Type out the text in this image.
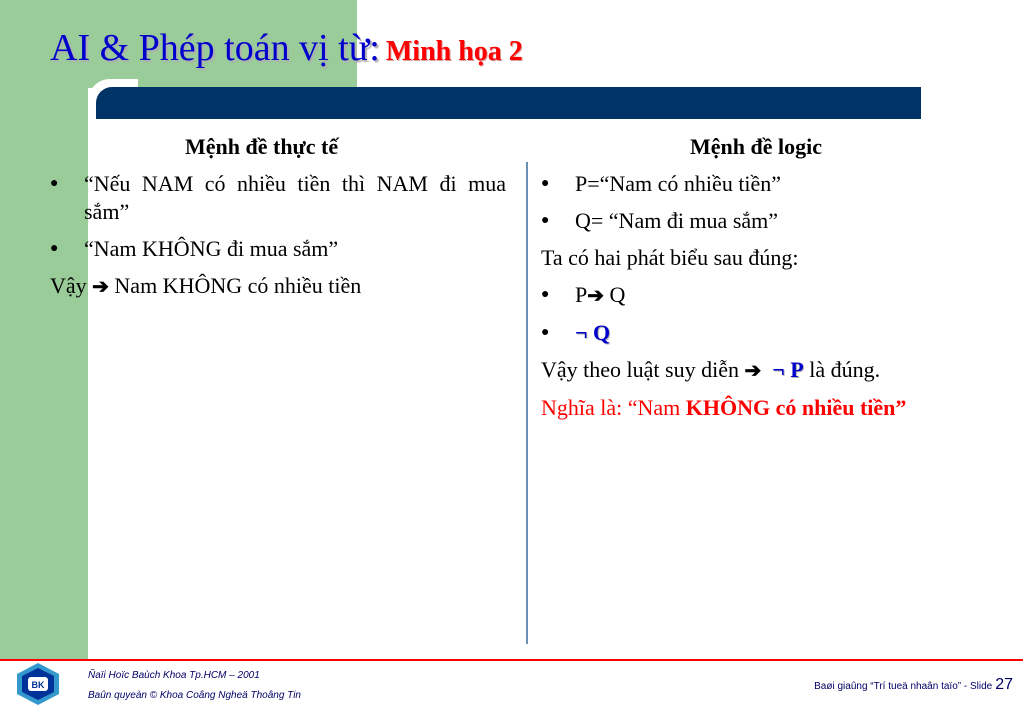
AI & Phép toán vị từ: Minh họa 2
Mệnh đề thực tế	Mệnh đề logic
●	“Nếu NAM có nhiều tiền thì NAM đi mua sắm”
●	“Nam KHÔNG đi mua sắm”
Vậy ➔ Nam KHÔNG có nhiều tiền
●	P=“Nam có nhiều tiền”
●	Q= “Nam đi mua sắm”
Ta có hai phát biểu sau đúng:
●	P➔ Q
●	¬ Q
Vậy theo luật suy diễn ➔ ¬ P là đúng.
Nghĩa là: “Nam KHÔNG có nhiều tiền”
BK
Ñaïi Hoïc Baùch Khoa Tp.HCM – 2001
Baûn quyeàn © Khoa Coâng Ngheä Thoâng Tin
Baøi giaûng “Trí tueä nhaân taïo” - Slide 27
